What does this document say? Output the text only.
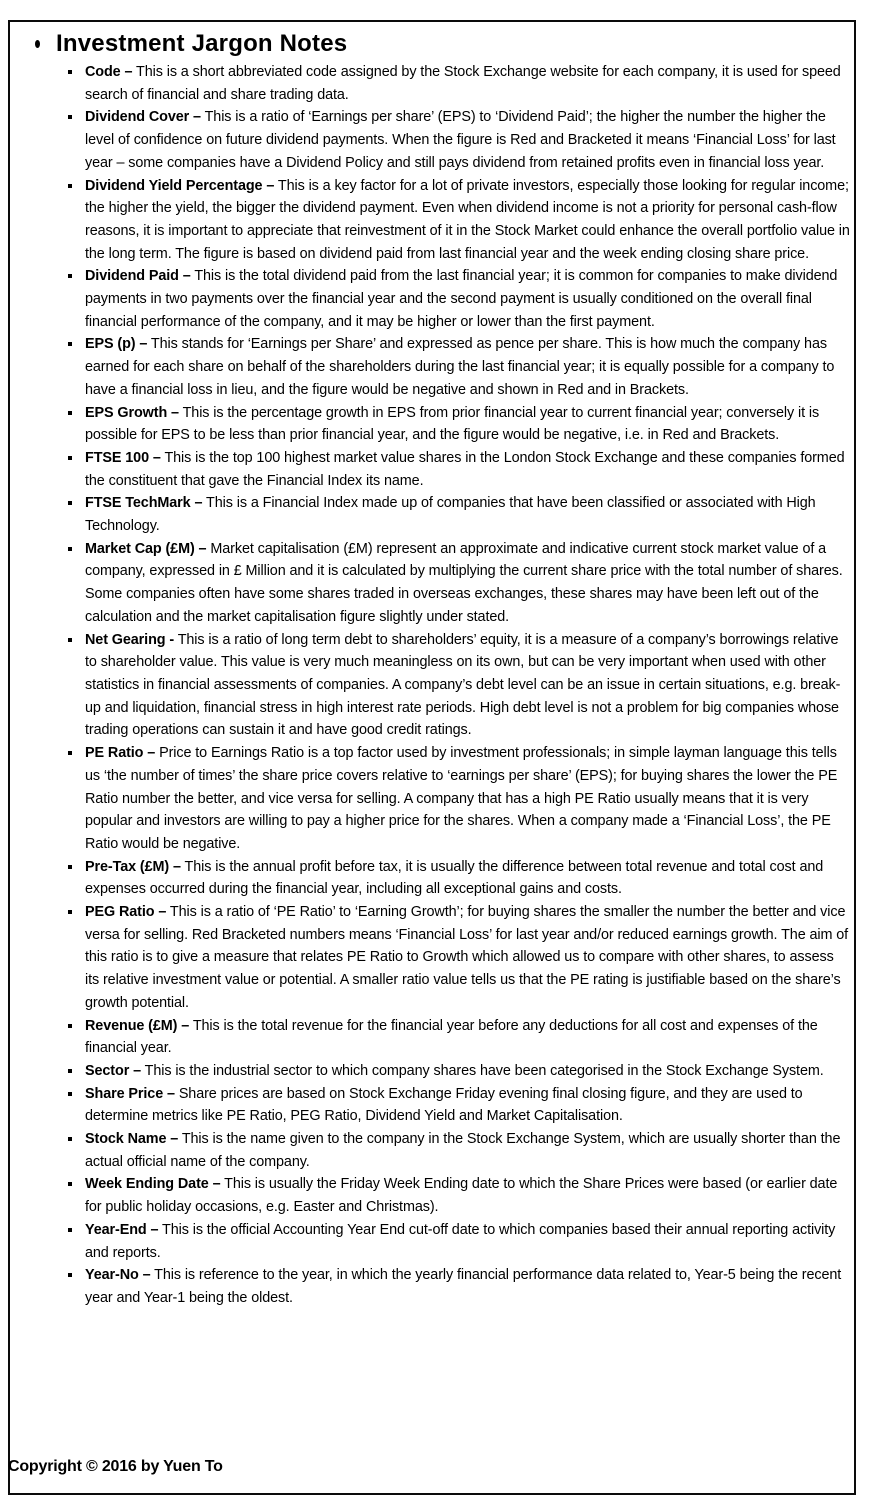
Investment Jargon Notes
Code – This is a short abbreviated code assigned by the Stock Exchange website for each company, it is used for speed search of financial and share trading data.
Dividend Cover – This is a ratio of ‘Earnings per share’ (EPS) to ‘Dividend Paid’; the higher the number the higher the level of confidence on future dividend payments. When the figure is Red and Bracketed it means ‘Financial Loss’ for last year – some companies have a Dividend Policy and still pays dividend from retained profits even in financial loss year.
Dividend Yield Percentage – This is a key factor for a lot of private investors, especially those looking for regular income; the higher the yield, the bigger the dividend payment. Even when dividend income is not a priority for personal cash-flow reasons, it is important to appreciate that reinvestment of it in the Stock Market could enhance the overall portfolio value in the long term. The figure is based on dividend paid from last financial year and the week ending closing share price.
Dividend Paid – This is the total dividend paid from the last financial year; it is common for companies to make dividend payments in two payments over the financial year and the second payment is usually conditioned on the overall final financial performance of the company, and it may be higher or lower than the first payment.
EPS (p) – This stands for ‘Earnings per Share’ and expressed as pence per share. This is how much the company has earned for each share on behalf of the shareholders during the last financial year; it is equally possible for a company to have a financial loss in lieu, and the figure would be negative and shown in Red and in Brackets.
EPS Growth – This is the percentage growth in EPS from prior financial year to current financial year; conversely it is possible for EPS to be less than prior financial year, and the figure would be negative, i.e. in Red and Brackets.
FTSE 100 – This is the top 100 highest market value shares in the London Stock Exchange and these companies formed the constituent that gave the Financial Index its name.
FTSE TechMark – This is a Financial Index made up of companies that have been classified or associated with High Technology.
Market Cap (£M) – Market capitalisation (£M) represent an approximate and indicative current stock market value of a company, expressed in £ Million and it is calculated by multiplying the current share price with the total number of shares. Some companies often have some shares traded in overseas exchanges, these shares may have been left out of the calculation and the market capitalisation figure slightly under stated.
Net Gearing - This is a ratio of long term debt to shareholders’ equity, it is a measure of a company’s borrowings relative to shareholder value. This value is very much meaningless on its own, but can be very important when used with other statistics in financial assessments of companies. A company’s debt level can be an issue in certain situations, e.g. break-up and liquidation, financial stress in high interest rate periods. High debt level is not a problem for big companies whose trading operations can sustain it and have good credit ratings.
PE Ratio – Price to Earnings Ratio is a top factor used by investment professionals; in simple layman language this tells us ‘the number of times’ the share price covers relative to ‘earnings per share’ (EPS); for buying shares the lower the PE Ratio number the better, and vice versa for selling. A company that has a high PE Ratio usually means that it is very popular and investors are willing to pay a higher price for the shares. When a company made a ‘Financial Loss’, the PE Ratio would be negative.
Pre-Tax (£M) – This is the annual profit before tax, it is usually the difference between total revenue and total cost and expenses occurred during the financial year, including all exceptional gains and costs.
PEG Ratio – This is a ratio of ‘PE Ratio’ to ‘Earning Growth’; for buying shares the smaller the number the better and vice versa for selling. Red Bracketed numbers means ‘Financial Loss’ for last year and/or reduced earnings growth. The aim of this ratio is to give a measure that relates PE Ratio to Growth which allowed us to compare with other shares, to assess its relative investment value or potential. A smaller ratio value tells us that the PE rating is justifiable based on the share’s growth potential.
Revenue (£M) – This is the total revenue for the financial year before any deductions for all cost and expenses of the financial year.
Sector – This is the industrial sector to which company shares have been categorised in the Stock Exchange System.
Share Price – Share prices are based on Stock Exchange Friday evening final closing figure, and they are used to determine metrics like PE Ratio, PEG Ratio, Dividend Yield and Market Capitalisation.
Stock Name – This is the name given to the company in the Stock Exchange System, which are usually shorter than the actual official name of the company.
Week Ending Date – This is usually the Friday Week Ending date to which the Share Prices were based (or earlier date for public holiday occasions, e.g. Easter and Christmas).
Year-End – This is the official Accounting Year End cut-off date to which companies based their annual reporting activity and reports.
Year-No – This is reference to the year, in which the yearly financial performance data related to, Year-5 being the recent year and Year-1 being the oldest.
Copyright © 2016 by Yuen To
